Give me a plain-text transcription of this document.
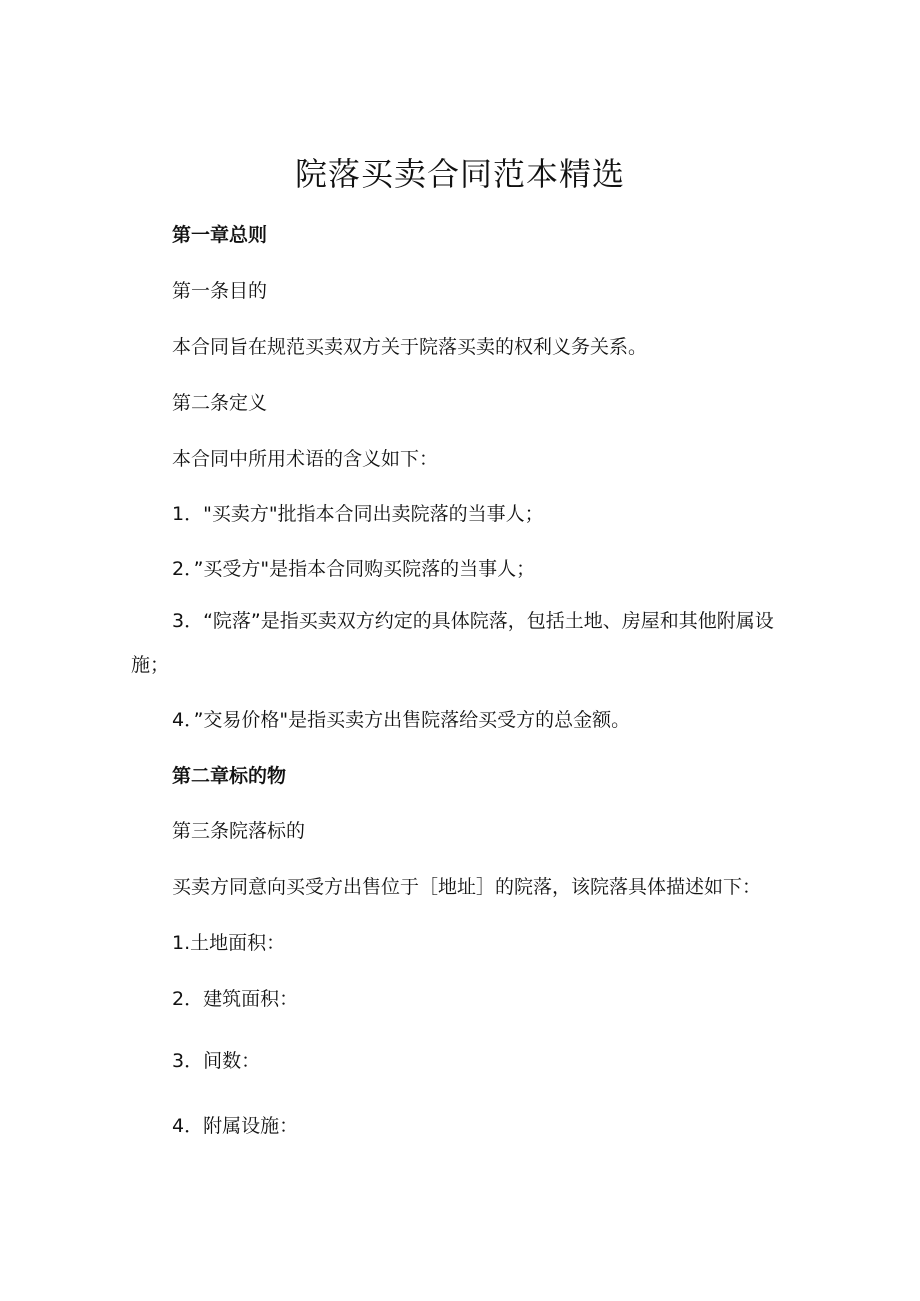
院落买卖合同范本精选

第一章总则

第一条目的

本合同旨在规范买卖双方关于院落买卖的权利义务关系。

第二条定义

本合同中所用术语的含义如下：

1．"买卖方"批指本合同出卖院落的当事人；

2．”买受方"是指本合同购买院落的当事人；

3．“院落”是指买卖双方约定的具体院落，包括土地、房屋和其他附属设施；

4．”交易价格"是指买卖方出售院落给买受方的总金额。

第二章标的物

第三条院落标的

买卖方同意向买受方出售位于［地址］的院落，该院落具体描述如下：

1.土地面积：

2．建筑面积：

3．间数：

4．附属设施：
